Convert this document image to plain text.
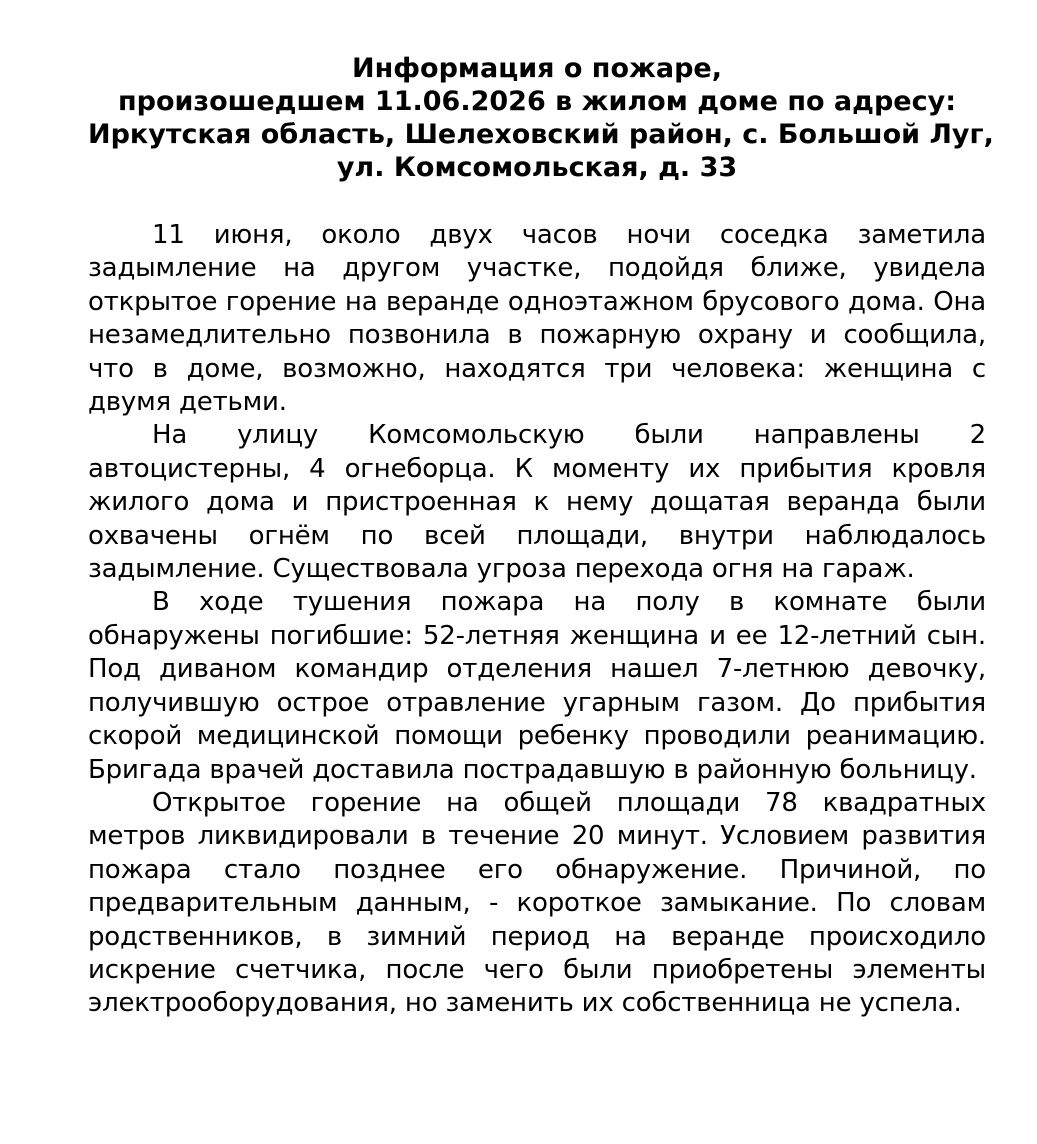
Информация о пожаре,
произошедшем 11.06.2026 в жилом доме по адресу:
Иркутская область, Шелеховский район, с. Большой Луг,
ул. Комсомольская, д. 33

11 июня, около двух часов ночи соседка заметила задымление на другом участке, подойдя ближе, увидела открытое горение на веранде одноэтажном брусового дома. Она незамедлительно позвонила в пожарную охрану и сообщила, что в доме, возможно, находятся три человека: женщина с двумя детьми.

На улицу Комсомольскую были направлены 2 автоцистерны, 4 огнеборца. К моменту их прибытия кровля жилого дома и пристроенная к нему дощатая веранда были охвачены огнём по всей площади, внутри наблюдалось задымление. Существовала угроза перехода огня на гараж.

В ходе тушения пожара на полу в комнате были обнаружены погибшие: 52-летняя женщина и ее 12-летний сын. Под диваном командир отделения нашел 7-летнюю девочку, получившую острое отравление угарным газом. До прибытия скорой медицинской помощи ребенку проводили реанимацию. Бригада врачей доставила пострадавшую в районную больницу.

Открытое горение на общей площади 78 квадратных метров ликвидировали в течение 20 минут. Условием развития пожара стало позднее его обнаружение. Причиной, по предварительным данным, - короткое замыкание. По словам родственников, в зимний период на веранде происходило искрение счетчика, после чего были приобретены элементы электрооборудования, но заменить их собственница не успела.
